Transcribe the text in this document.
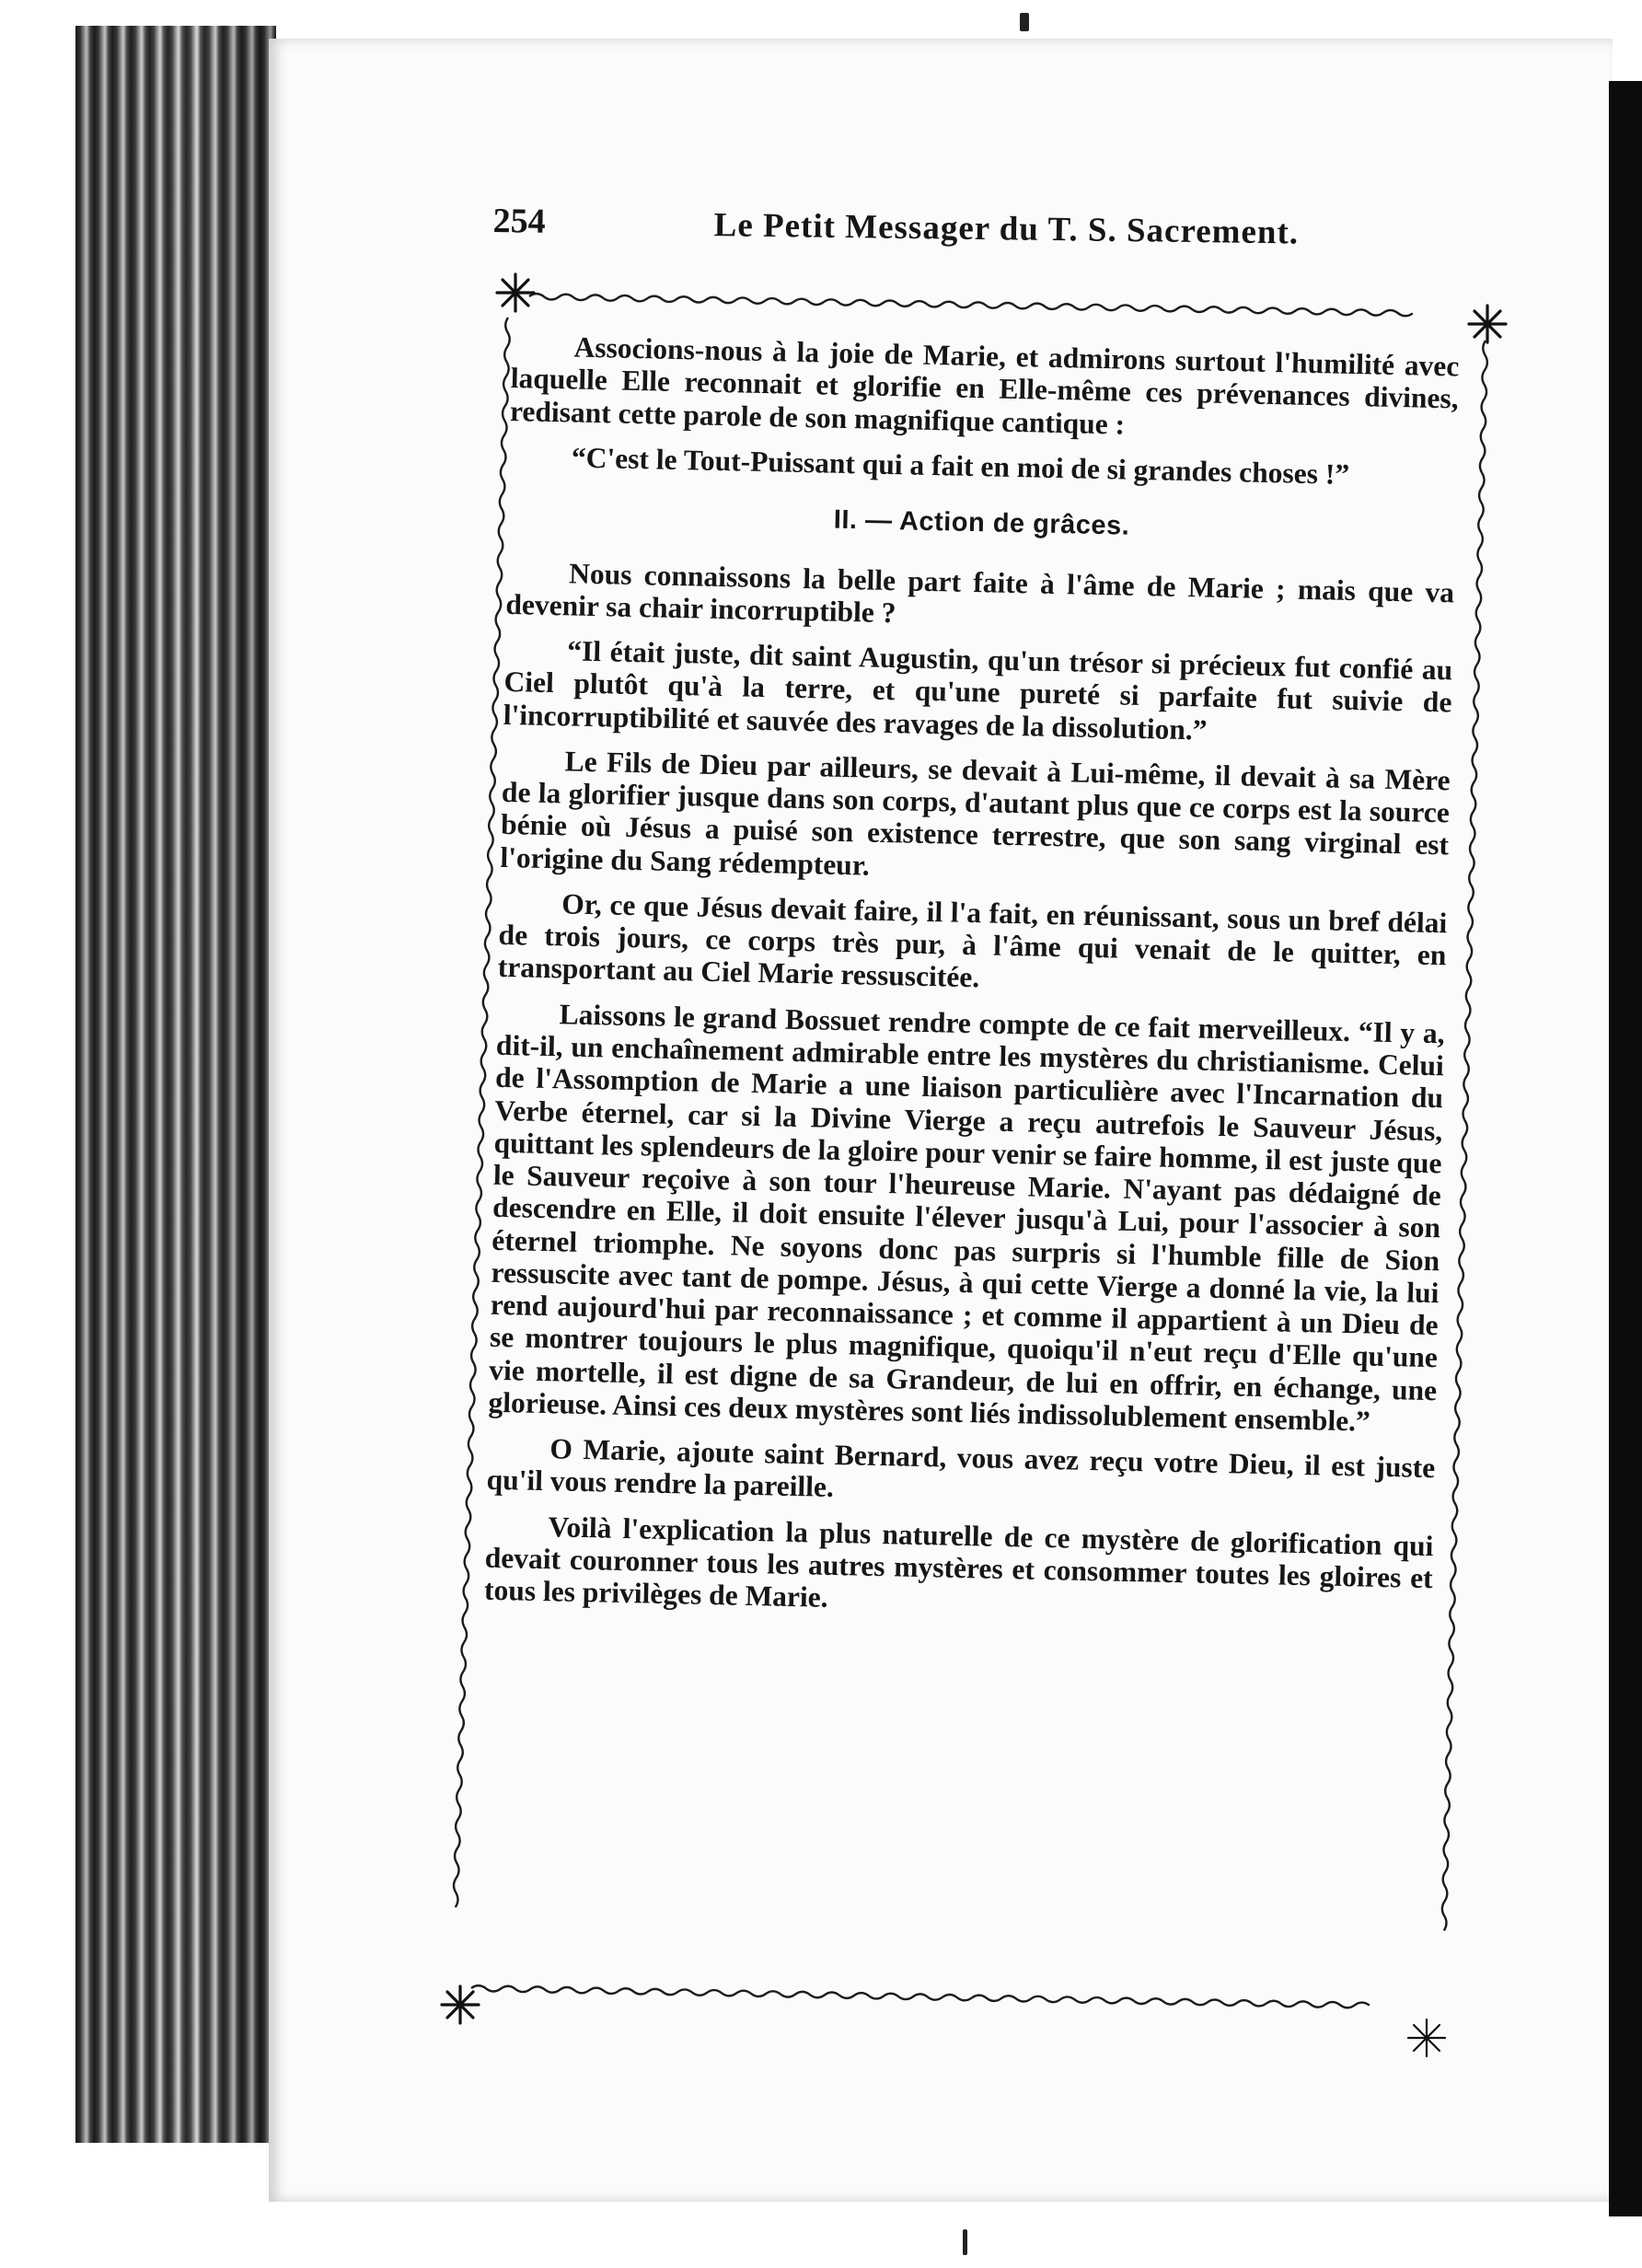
254	Le Petit Messager du T. S. Sacrement.

Associons-nous à la joie de Marie, et admirons surtout l'humilité avec laquelle Elle reconnait et glorifie en Elle-même ces prévenances divines, redisant cette parole de son magnifique cantique :

“C'est le Tout-Puissant qui a fait en moi de si grandes choses !”

II. — Action de grâces.

Nous connaissons la belle part faite à l'âme de Marie ; mais que va devenir sa chair incorruptible ?

“Il était juste, dit saint Augustin, qu'un trésor si précieux fut confié au Ciel plutôt qu'à la terre, et qu'une pureté si parfaite fut suivie de l'incorruptibilité et sauvée des ravages de la dissolution.”

Le Fils de Dieu par ailleurs, se devait à Lui-même, il devait à sa Mère de la glorifier jusque dans son corps, d'autant plus que ce corps est la source bénie où Jésus a puisé son existence terrestre, que son sang virginal est l'origine du Sang rédempteur.

Or, ce que Jésus devait faire, il l'a fait, en réunissant, sous un bref délai de trois jours, ce corps très pur, à l'âme qui venait de le quitter, en transportant au Ciel Marie ressuscitée.

Laissons le grand Bossuet rendre compte de ce fait merveilleux. “Il y a, dit-il, un enchaînement admirable entre les mystères du christianisme. Celui de l'Assomption de Marie a une liaison particulière avec l'Incarnation du Verbe éternel, car si la Divine Vierge a reçu autrefois le Sauveur Jésus, quittant les splendeurs de la gloire pour venir se faire homme, il est juste que le Sauveur reçoive à son tour l'heureuse Marie. N'ayant pas dédaigné de descendre en Elle, il doit ensuite l'élever jusqu'à Lui, pour l'associer à son éternel triomphe. Ne soyons donc pas surpris si l'humble fille de Sion ressuscite avec tant de pompe. Jésus, à qui cette Vierge a donné la vie, la lui rend aujourd'hui par reconnaissance ; et comme il appartient à un Dieu de se montrer toujours le plus magnifique, quoiqu'il n'eut reçu d'Elle qu'une vie mortelle, il est digne de sa Grandeur, de lui en offrir, en échange, une glorieuse. Ainsi ces deux mystères sont liés indissolublement ensemble.”

O Marie, ajoute saint Bernard, vous avez reçu votre Dieu, il est juste qu'il vous rendre la pareille.

Voilà l'explication la plus naturelle de ce mystère de glorification qui devait couronner tous les autres mystères et consommer toutes les gloires et tous les privilèges de Marie.
